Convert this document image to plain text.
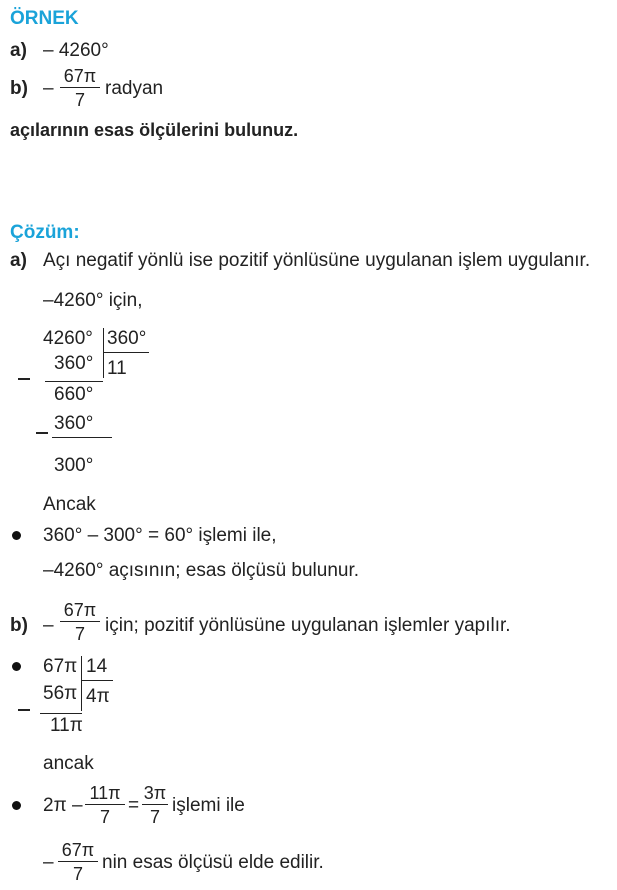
ÖRNEK
a) – 4260°
b) –
67π
7
radyan
açılarının esas ölçülerini bulunuz.
Çözüm:
a) Açı negatif yönlü ise pozitif yönlüsüne uygulanan işlem uygulanır.
–4260° için,
4260° 360°
360° 11
660°
360°
300°
Ancak
360° – 300° = 60° işlemi ile,
–4260° açısının; esas ölçüsü bulunur.
b) –
67π
7	için; pozitif yönlüsüne uygulanan işlemler yapılır.
67π 14
56π 4π
11π
ancak
2π –
11π
7
=
3π
7
işlemi ile
–
67π
7
nin esas ölçüsü elde edilir.
